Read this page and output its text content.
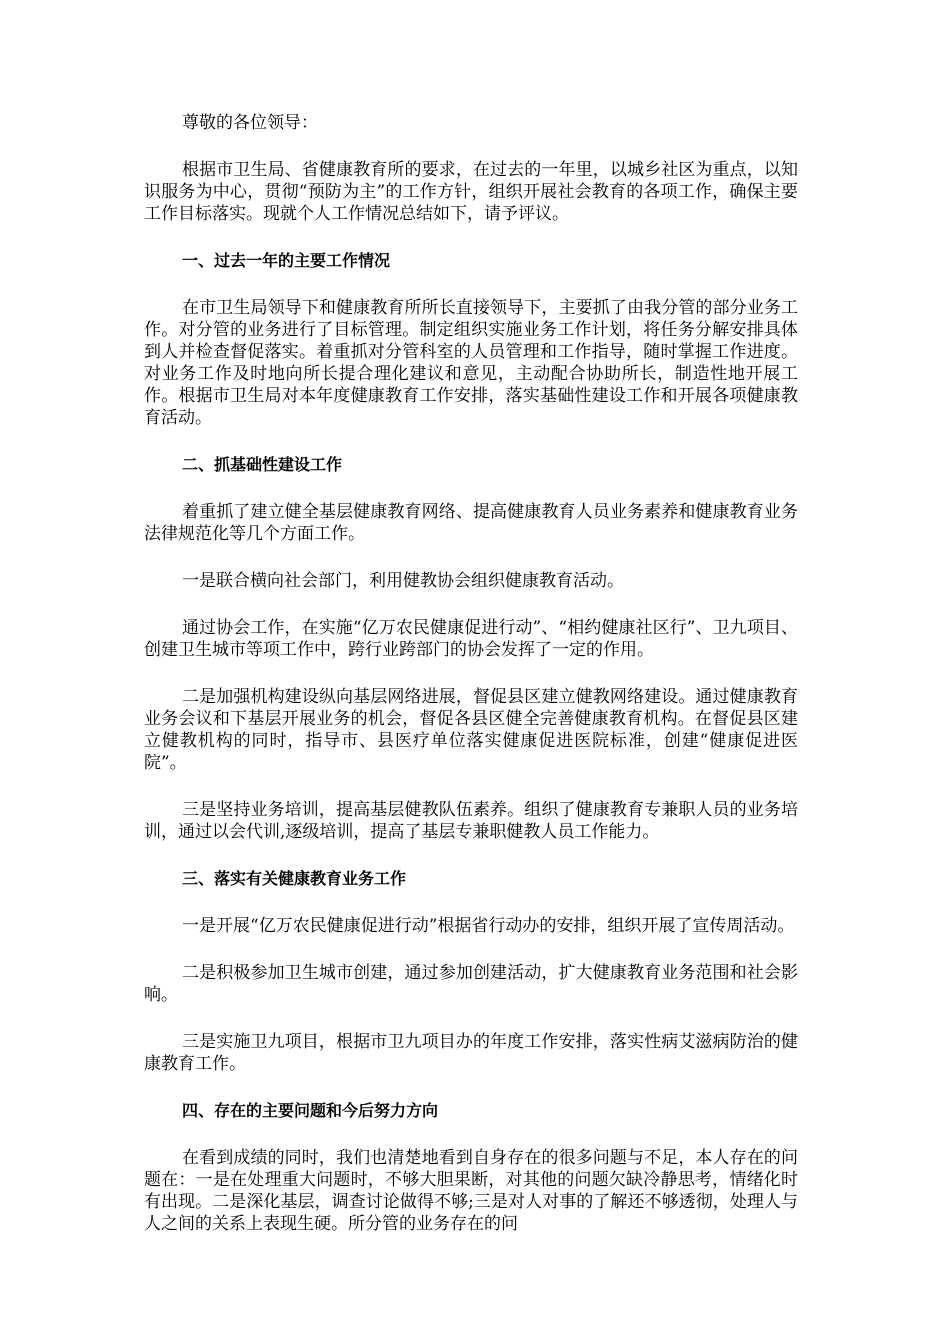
尊敬的各位领导：

根据市卫生局、省健康教育所的要求，在过去的一年里，以城乡社区为重点，以知识服务为中心，贯彻“预防为主”的工作方针，组织开展社会教育的各项工作，确保主要工作目标落实。现就个人工作情况总结如下，请予评议。

一、过去一年的主要工作情况

在市卫生局领导下和健康教育所所长直接领导下，主要抓了由我分管的部分业务工作。对分管的业务进行了目标管理。制定组织实施业务工作计划，将任务分解安排具体到人并检查督促落实。着重抓对分管科室的人员管理和工作指导，随时掌握工作进度。对业务工作及时地向所长提合理化建议和意见，主动配合协助所长，制造性地开展工作。根据市卫生局对本年度健康教育工作安排，落实基础性建设工作和开展各项健康教育活动。

二、抓基础性建设工作

着重抓了建立健全基层健康教育网络、提高健康教育人员业务素养和健康教育业务法律规范化等几个方面工作。

一是联合横向社会部门，利用健教协会组织健康教育活动。

通过协会工作，在实施“亿万农民健康促进行动”、“相约健康社区行”、卫九项目、创建卫生城市等项工作中，跨行业跨部门的协会发挥了一定的作用。

二是加强机构建设纵向基层网络进展，督促县区建立健教网络建设。通过健康教育业务会议和下基层开展业务的机会，督促各县区健全完善健康教育机构。在督促县区建立健教机构的同时，指导市、县医疗单位落实健康促进医院标准，创建“健康促进医院”。

三是坚持业务培训，提高基层健教队伍素养。组织了健康教育专兼职人员的业务培训，通过以会代训,逐级培训，提高了基层专兼职健教人员工作能力。

三、落实有关健康教育业务工作

一是开展“亿万农民健康促进行动”根据省行动办的安排，组织开展了宣传周活动。

二是积极参加卫生城市创建，通过参加创建活动，扩大健康教育业务范围和社会影响。

三是实施卫九项目，根据市卫九项目办的年度工作安排，落实性病艾滋病防治的健康教育工作。

四、存在的主要问题和今后努力方向

在看到成绩的同时，我们也清楚地看到自身存在的很多问题与不足，本人存在的问题在：一是在处理重大问题时，不够大胆果断，对其他的问题欠缺冷静思考，情绪化时有出现。二是深化基层，调查讨论做得不够;三是对人对事的了解还不够透彻，处理人与人之间的关系上表现生硬。所分管的业务存在的问
